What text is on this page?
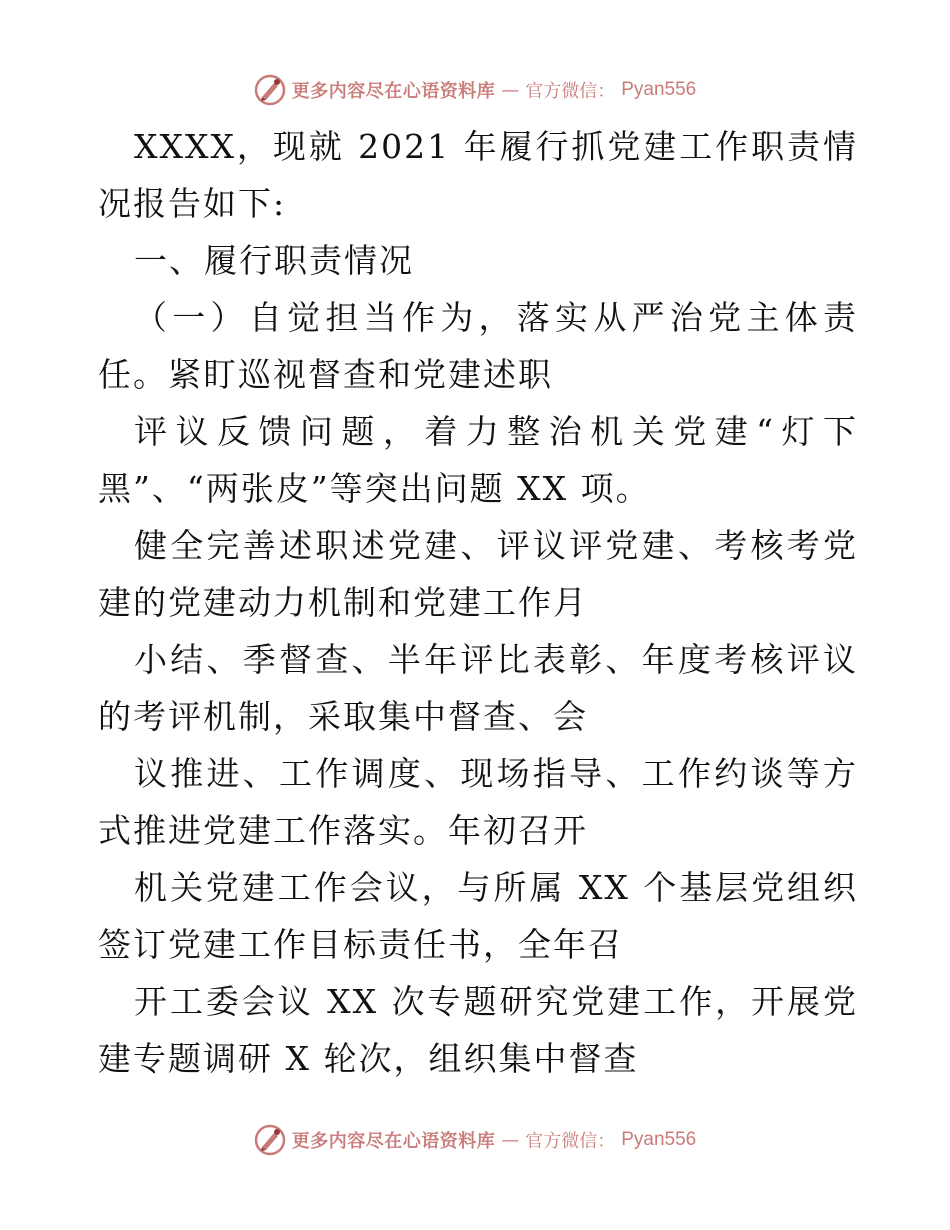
更多内容尽在心语资料库 — 官方微信： Pyan556

XXXX，现就 2021 年履行抓党建工作职责情况报告如下:

一、履行职责情况

（一）自觉担当作为，落实从严治党主体责任。紧盯巡视督查和党建述职

评议反馈问题，着力整治机关党建“灯下黑”、“两张皮”等突出问题 XX 项。

健全完善述职述党建、评议评党建、考核考党建的党建动力机制和党建工作月

小结、季督查、半年评比表彰、年度考核评议的考评机制，采取集中督查、会

议推进、工作调度、现场指导、工作约谈等方式推进党建工作落实。年初召开

机关党建工作会议，与所属 XX 个基层党组织签订党建工作目标责任书，全年召

开工委会议 XX 次专题研究党建工作，开展党建专题调研 X 轮次，组织集中督查

更多内容尽在心语资料库 — 官方微信： Pyan556
